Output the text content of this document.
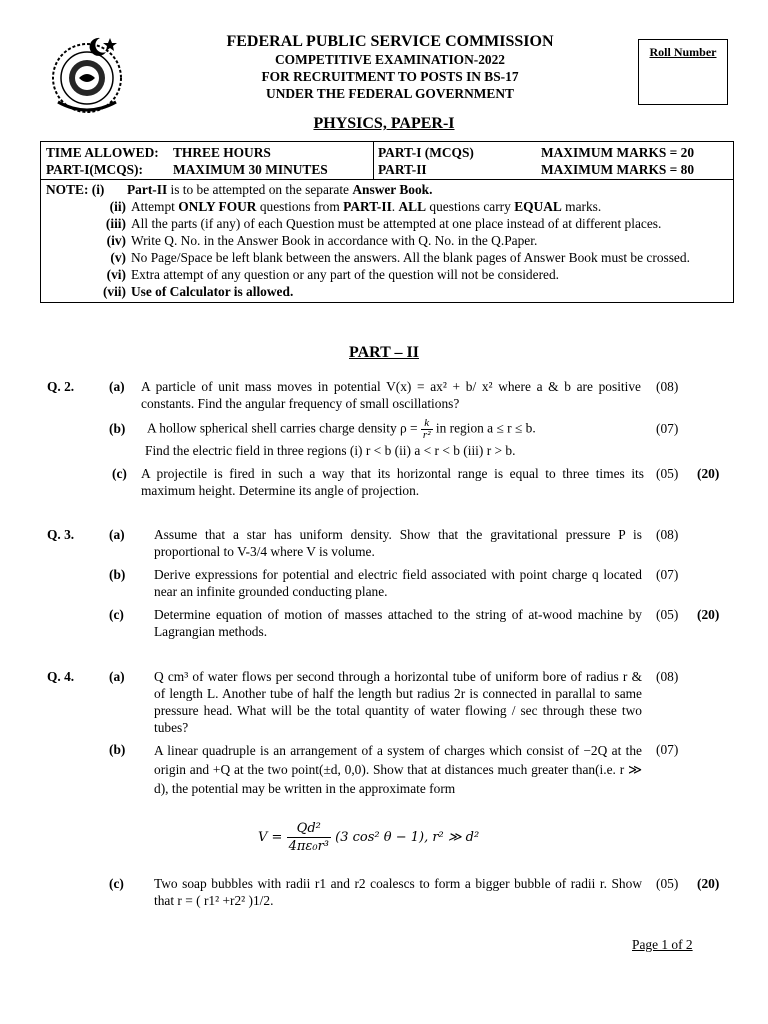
FEDERAL PUBLIC SERVICE COMMISSION
COMPETITIVE EXAMINATION-2022
FOR RECRUITMENT TO POSTS IN BS-17
UNDER THE FEDERAL GOVERNMENT
Roll Number
PHYSICS, PAPER-I
TIME ALLOWED:	THREE HOURS
PART-I(MCQS):	MAXIMUM 30 MINUTES
PART-I (MCQS)	MAXIMUM MARKS = 20
PART-II	MAXIMUM MARKS = 80
NOTE: (i)	Part-II is to be attempted on the separate Answer Book.
(ii) Attempt ONLY FOUR questions from PART-II. ALL questions carry EQUAL marks.
(iii) All the parts (if any) of each Question must be attempted at one place instead of at different places.
(iv) Write Q. No. in the Answer Book in accordance with Q. No. in the Q.Paper.
(v) No Page/Space be left blank between the answers. All the blank pages of Answer Book must be crossed.
(vi) Extra attempt of any question or any part of the question will not be considered.
(vii) Use of Calculator is allowed.
PART – II
Q. 2.	(a) A particle of unit mass moves in potential V(x) = ax² + b/ x² where a & b are positive constants. Find the angular frequency of small oscillations?
(08)
(b) A hollow spherical shell carries charge density $\rho = \frac{k}{\text{r²}}$ in region a ≤ r ≤ b.
Find the electric field in three regions (i) r < b (ii) a < r < b (iii) r > b.
(07)
(c) A projectile is fired in such a way that its horizontal range is equal to three times its maximum height. Determine its angle of projection.
(05)	(20)
Q. 3.	(a) Assume that a star has uniform density. Show that the gravitational pressure P is proportional to V-3/4 where V is volume.
(08)
(b) Derive expressions for potential and electric field associated with point charge q located near an infinite grounded conducting plane.
(07)
(c) Determine equation of motion of masses attached to the string of at-wood machine by Lagrangian methods.
(05)	(20)
Q. 4.	(a) Q cm³ of water flows per second through a horizontal tube of uniform bore of radius r & of length L. Another tube of half the length but radius 2r is connected in parallal to same pressure head. What will be the total quantity of water flowing / sec through these two tubes?
(08)
(b) A linear quadruple is an arrangement of a system of charges which consist of −2Q at the origin and +Q at the two point(±d, 0,0). Show that at distances much greater than(i.e. r ≫ d), the potential may be written in the approximate form
(07)
$V = \frac{\text{Qd²}}{\text{4πε₀r³}} (3$ cos² θ − 1), r² ≫ d²
(c) Two soap bubbles with radii r1 and r2 coalescs to form a bigger bubble of radii r. Show that r = ( r1² +r2² )1/2.
(05)	(20)
Page 1 of 2
